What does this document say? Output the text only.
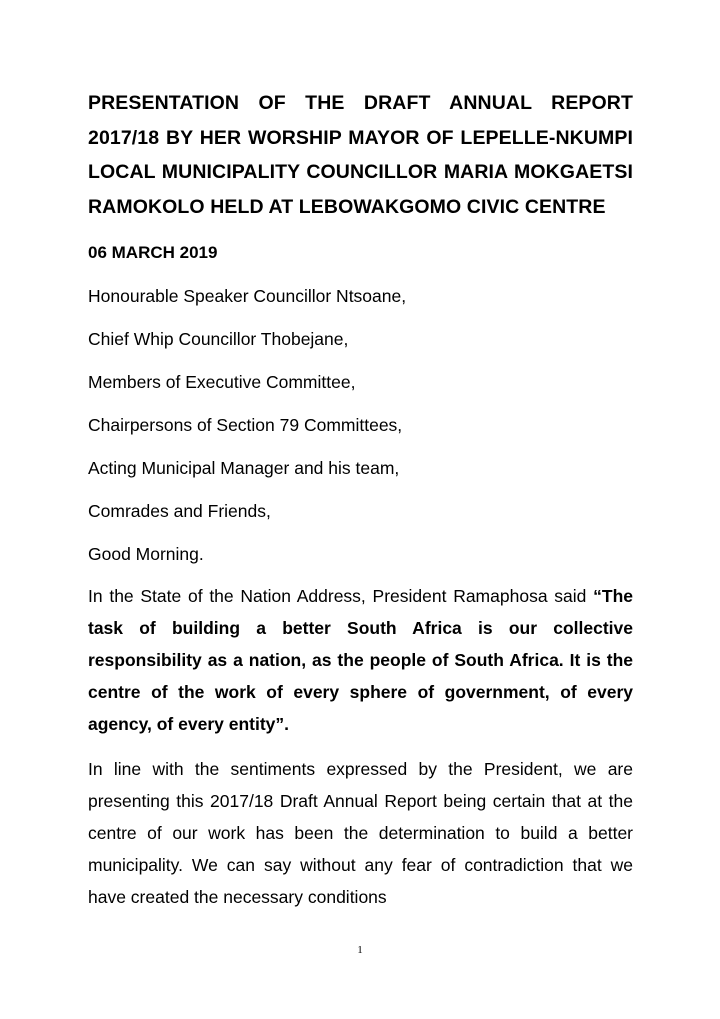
PRESENTATION OF THE DRAFT ANNUAL REPORT 2017/18 BY HER WORSHIP MAYOR OF LEPELLE-NKUMPI LOCAL MUNICIPALITY COUNCILLOR MARIA MOKGAETSI RAMOKOLO HELD AT LEBOWAKGOMO CIVIC CENTRE
06 MARCH 2019
Honourable Speaker Councillor Ntsoane,
Chief Whip Councillor Thobejane,
Members of Executive Committee,
Chairpersons of Section 79 Committees,
Acting Municipal Manager and his team,
Comrades and Friends,
Good Morning.

In the State of the Nation Address, President Ramaphosa said “The task of building a better South Africa is our collective responsibility as a nation, as the people of South Africa. It is the centre of the work of every sphere of government, of every agency, of every entity”.

In line with the sentiments expressed by the President, we are presenting this 2017/18 Draft Annual Report being certain that at the centre of our work has been the determination to build a better municipality. We can say without any fear of contradiction that we have created the necessary conditions

1
